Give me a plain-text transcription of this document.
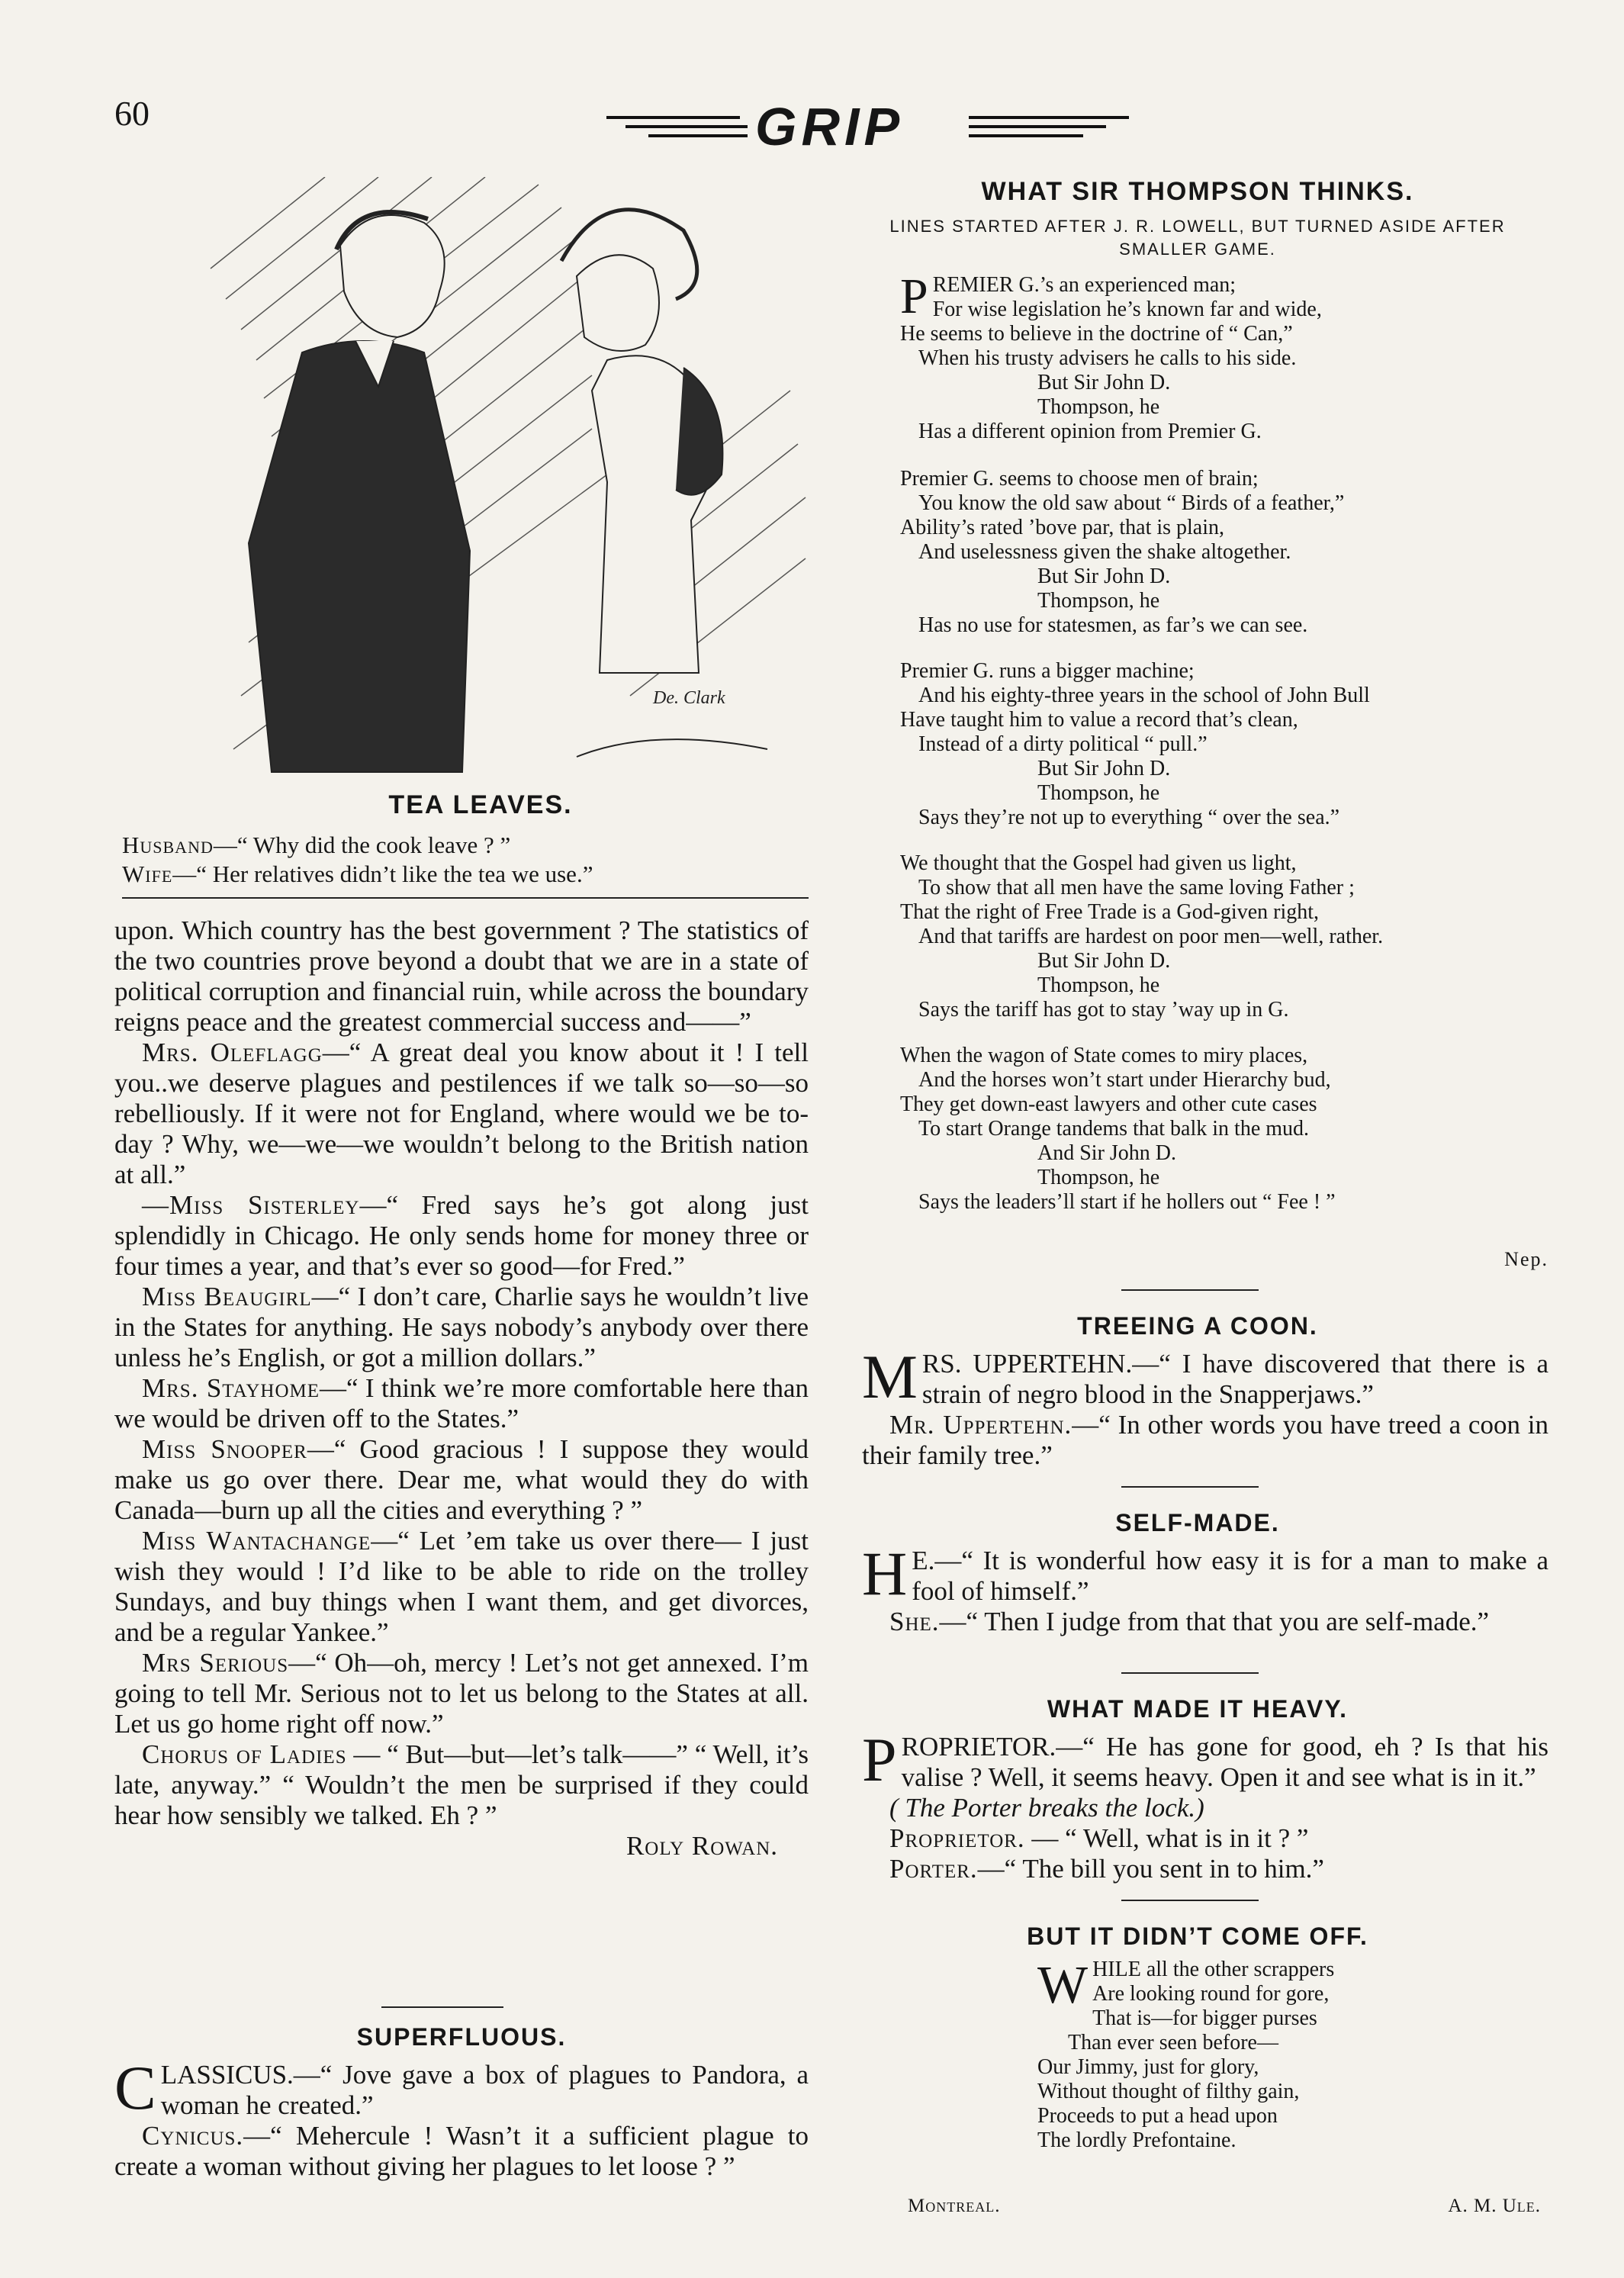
60	GRIP
De. Clark
TEA LEAVES.
Husband—“ Why did the cook leave ? ”
Wife—“ Her relatives didn’t like the tea we use.”

upon. Which country has the best government ? The statistics of the two countries prove beyond a doubt that we are in a state of political corruption and financial ruin, while across the boundary reigns peace and the greatest commercial success and——”

Mrs. Oleflagg—“ A great deal you know about it ! I tell you..we deserve plagues and pestilences if we talk so—so—so rebelliously. If it were not for England, where would we be to-day ? Why, we—we—we wouldn’t belong to the British nation at all.”

—Miss Sisterley—“ Fred says he’s got along just splendidly in Chicago. He only sends home for money three or four times a year, and that’s ever so good—for Fred.”

Miss Beaugirl—“ I don’t care, Charlie says he wouldn’t live in the States for anything. He says nobody’s anybody over there unless he’s English, or got a million dollars.”

Mrs. Stayhome—“ I think we’re more comfortable here than we would be driven off to the States.”

Miss Snooper—“ Good gracious ! I suppose they would make us go over there. Dear me, what would they do with Canada—burn up all the cities and everything ? ”

Miss Wantachange—“ Let ’em take us over there— I just wish they would ! I’d like to be able to ride on the trolley Sundays, and buy things when I want them, and get divorces, and be a regular Yankee.”

Mrs Serious—“ Oh—oh, mercy ! Let’s not get annexed. I’m going to tell Mr. Serious not to let us belong to the States at all. Let us go home right off now.”

Chorus of Ladies — “ But—but—let’s talk——” “ Well, it’s late, anyway.” “ Wouldn’t the men be surprised if they could hear how sensibly we talked. Eh ? ”

Roly Rowan.

SUPERFLUOUS.

CLASSICUS.—“ Jove gave a box of plagues to Pandora, a woman he created.”

Cynicus.—“ Mehercule ! Wasn’t it a sufficient plague to create a woman without giving her plagues to let loose ? ”

WHAT SIR THOMPSON THINKS.
LINES STARTED AFTER J. R. LOWELL, BUT TURNED ASIDE AFTER SMALLER GAME.
P REMIER G.’s an experienced man;
For wise legislation he’s known far and wide,
He seems to believe in the doctrine of “ Can,”
When his trusty advisers he calls to his side.
But Sir John D.
Thompson, he
Has a different opinion from Premier G.
Premier G. seems to choose men of brain;
You know the old saw about “ Birds of a feather,”
Ability’s rated ’bove par, that is plain,
And uselessness given the shake altogether.
But Sir John D.
Thompson, he
Has no use for statesmen, as far’s we can see.
Premier G. runs a bigger machine;
And his eighty-three years in the school of John Bull
Have taught him to value a record that’s clean,
Instead of a dirty political “ pull.”
But Sir John D.
Thompson, he
Says they’re not up to everything “ over the sea.”
We thought that the Gospel had given us light,
To show that all men have the same loving Father ;
That the right of Free Trade is a God-given right,
And that tariffs are hardest on poor men—well, rather.
But Sir John D.
Thompson, he
Says the tariff has got to stay ’way up in G.
When the wagon of State comes to miry places,
And the horses won’t start under Hierarchy bud,
They get down-east lawyers and other cute cases
To start Orange tandems that balk in the mud.
And Sir John D.
Thompson, he
Says the leaders’ll start if he hollers out “ Fee ! ”
Nep.
TREEING A COON.

MRS. UPPERTEHN.—“ I have discovered that there is a strain of negro blood in the Snapperjaws.”

Mr. Uppertehn.—“ In other words you have treed a coon in their family tree.”

SELF-MADE.

H E.—“ It is wonderful how easy it is for a man to make a fool of himself.”

She.—“ Then I judge from that that you are self-made.”

WHAT MADE IT HEAVY.

PROPRIETOR.—“ He has gone for good, eh ? Is that his valise ? Well, it seems heavy. Open it and see what is in it.”

( The Porter breaks the lock.)

Proprietor. — “ Well, what is in it ? ”

Porter.—“ The bill you sent in to him.”

BUT IT DIDN’T COME OFF.
W HILE all the other scrappers
Are looking round for gore,
That is—for bigger purses
Than ever seen before—
Our Jimmy, just for glory,
Without thought of filthy gain,
Proceeds to put a head upon
The lordly Prefontaine.
Montreal.	A. M. Ule.
